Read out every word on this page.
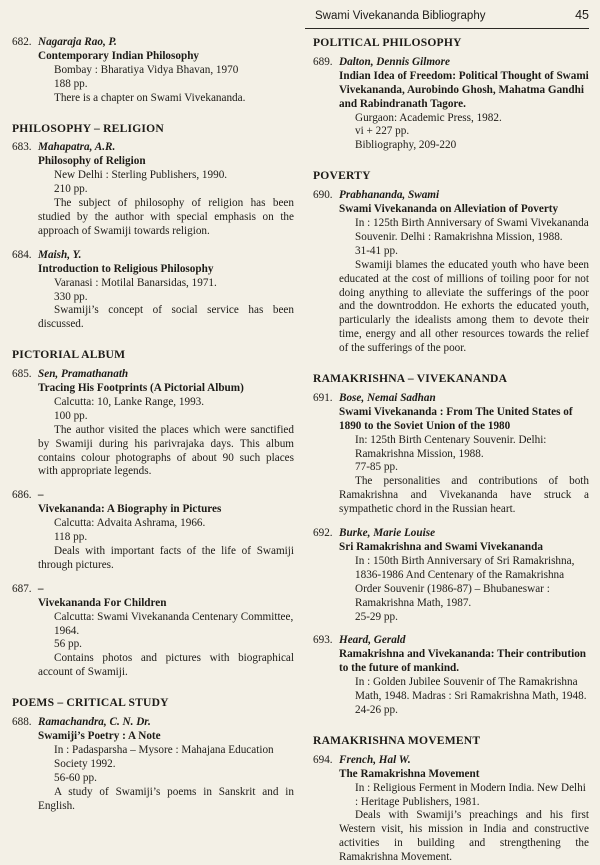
Swami Vivekananda Bibliography	45
682. Nagaraja Rao, P.
Contemporary Indian Philosophy
Bombay : Bharatiya Vidya Bhavan, 1970
188 pp.
There is a chapter on Swami Vivekananda.
PHILOSOPHY – RELIGION
683. Mahapatra, A.R.
Philosophy of Religion
New Delhi : Sterling Publishers, 1990.
210 pp.
The subject of philosophy of religion has been studied by the author with special emphasis on the approach of Swamiji towards religion.
684. Maish, Y.
Introduction to Religious Philosophy
Varanasi : Motilal Banarsidas, 1971.
330 pp.
Swamiji’s concept of social service has been discussed.
PICTORIAL ALBUM
685. Sen, Pramathanath
Tracing His Footprints (A Pictorial Album)
Calcutta: 10, Lanke Range, 1993.
100 pp.
The author visited the places which were sanctified by Swamiji during his parivrajaka days. This album contains colour photographs of about 90 such places with appropriate legends.
686. –
Vivekananda: A Biography in Pictures
Calcutta: Advaita Ashrama, 1966.
118 pp.
Deals with important facts of the life of Swamiji through pictures.
687. –
Vivekananda For Children
Calcutta: Swami Vivekananda Centenary Committee, 1964.
56 pp.
Contains photos and pictures with biographical account of Swamiji.
POEMS – CRITICAL STUDY
688. Ramachandra, C. N. Dr.
Swamiji’s Poetry : A Note
In : Padasparsha – Mysore : Mahajana Education Society 1992.
56-60 pp.
A study of Swamiji’s poems in Sanskrit and in English.
POLITICAL PHILOSOPHY
689. Dalton, Dennis Gilmore
Indian Idea of Freedom: Political Thought of Swami Vivekananda, Aurobindo Ghosh, Mahatma Gandhi and Rabindranath Tagore.
Gurgaon: Academic Press, 1982.
vi + 227 pp.
Bibliography, 209-220
POVERTY
690. Prabhananda, Swami
Swami Vivekananda on Alleviation of Poverty
In : 125th Birth Anniversary of Swami Vivekananda Souvenir. Delhi : Ramakrishna Mission, 1988.
31-41 pp.
Swamiji blames the educated youth who have been educated at the cost of millions of toiling poor for not doing anything to alleviate the sufferings of the poor and the downtroddon. He exhorts the educated youth, particularly the idealists among them to devote their time, energy and all other resources towards the relief of the sufferings of the poor.
RAMAKRISHNA – VIVEKANANDA
691. Bose, Nemai Sadhan
Swami Vivekananda : From The United States of 1890 to the Soviet Union of the 1980
In: 125th Birth Centenary Souvenir. Delhi: Ramakrishna Mission, 1988.
77-85 pp.
The personalities and contributions of both Ramakrishna and Vivekananda have struck a sympathetic chord in the Russian heart.
692. Burke, Marie Louise
Sri Ramakrishna and Swami Vivekananda
In : 150th Birth Anniversary of Sri Ramakrishna, 1836-1986 And Centenary of the Ramakrishna Order Souvenir (1986-87) – Bhubaneswar : Ramakrishna Math, 1987.
25-29 pp.
693. Heard, Gerald
Ramakrishna and Vivekananda: Their contribution to the future of mankind.
In : Golden Jubilee Souvenir of The Ramakrishna Math, 1948. Madras : Sri Ramakrishna Math, 1948.
24-26 pp.
RAMAKRISHNA MOVEMENT
694. French, Hal W.
The Ramakrishna Movement
In : Religious Ferment in Modern India. New Delhi : Heritage Publishers, 1981.
Deals with Swamiji’s preachings and his first Western visit, his mission in India and constructive activities in building and strengthening the Ramakrishna Movement.
